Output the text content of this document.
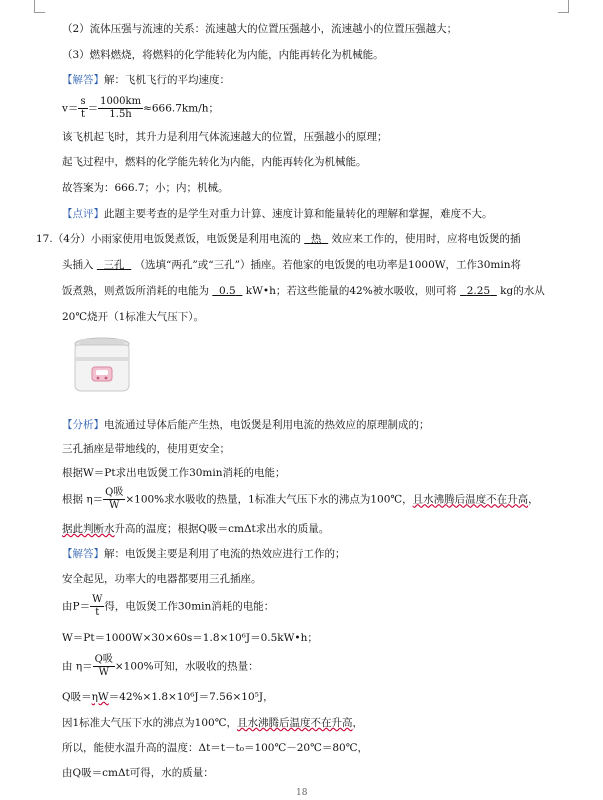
（2）流体压强与流速的关系：流速越大的位置压强越小，流速越小的位置压强越大；
（3）燃料燃烧，将燃料的化学能转化为内能，内能再转化为机械能。
【解答】解：飞机飞行的平均速度：
$v= \frac{s}{t} = \frac{1000km}{1.5h} \approx 666.7km/h$；
该飞机起飞时，其升力是利用气体流速越大的位置，压强越小的原理；
起飞过程中，燃料的化学能先转化为内能，内能再转化为机械能。
故答案为：666.7；小；内；机械。
【点评】此题主要考查的是学生对重力计算、速度计算和能量转化的理解和掌握，难度不大。
17.（4分）小雨家使用电饭煲煮饭，电饭煲是利用电流的 热 效应来工作的，使用时，应将电饭煲的插
头插入 三孔 （选填“两孔”或“三孔”）插座。若他家的电饭煲的电功率是1000W，工作30min将
饭煮熟，则煮饭所消耗的电能为 0.5 kW•h；若这些能量的42%被水吸收，则可将 2.25 kg的水从
20℃烧开（1标准大气压下）。
【分析】电流通过导体后能产生热，电饭煲是利用电流的热效应的原理制成的；
三孔插座是带地线的，使用更安全；
根据W＝Pt求出电饭煲工作30min消耗的电能；
根据 $\eta= \frac{\text{Q吸}}{W} \times 100\%$求水吸收的热量，1标准大气压下水的沸点为100℃，且水沸腾后温度不在升高，
据此判断水升高的温度；根据Q吸＝cmΔt求出水的质量。
【解答】解：电饭煲主要是利用了电流的热效应进行工作的；
安全起见，功率大的电器都要用三孔插座。
由$P= \frac{W}{t}$ 得，电饭煲工作30min消耗的电能：
W＝Pt＝1000W×30×60s＝1.8×10⁶J＝0.5kW•h；
由 $\eta= \frac{\text{Q吸}}{W} \times 100\%$可知，水吸收的热量：
Q吸＝ηW＝42%×1.8×10⁶J＝7.56×10⁵J，
因1标准大气压下水的沸点为100℃，且水沸腾后温度不在升高，
所以，能使水温升高的温度：Δt＝t－t₀＝100℃－20℃＝80℃，
由Q吸＝cmΔt可得，水的质量：
18
